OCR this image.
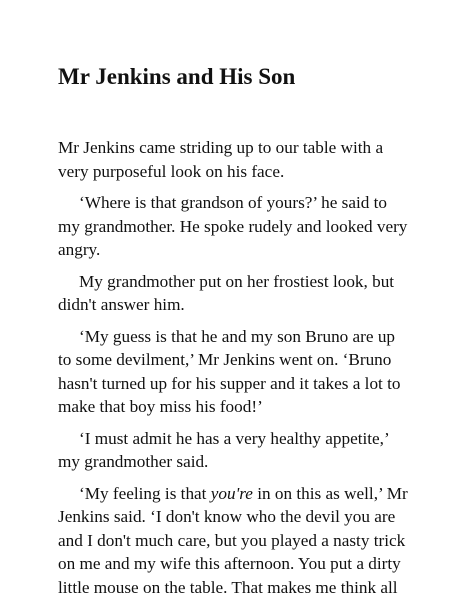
Mr Jenkins and His Son

Mr Jenkins came striding up to our table with a
very purposeful look on his face.

‘Where is that grandson of yours?’ he said to
my grandmother. He spoke rudely and looked very
angry.

My grandmother put on her frostiest look, but
didn't answer him.

‘My guess is that he and my son Bruno are up
to some devilment,’ Mr Jenkins went on. ‘Bruno
hasn't turned up for his supper and it takes a lot to
make that boy miss his food!’

‘I must admit he has a very healthy appetite,’
my grandmother said.

‘My feeling is that you're in on this as well,’ Mr
Jenkins said. ‘I don't know who the devil you are
and I don't much care, but you played a nasty trick
on me and my wife this afternoon. You put a dirty
little mouse on the table. That makes me think all
